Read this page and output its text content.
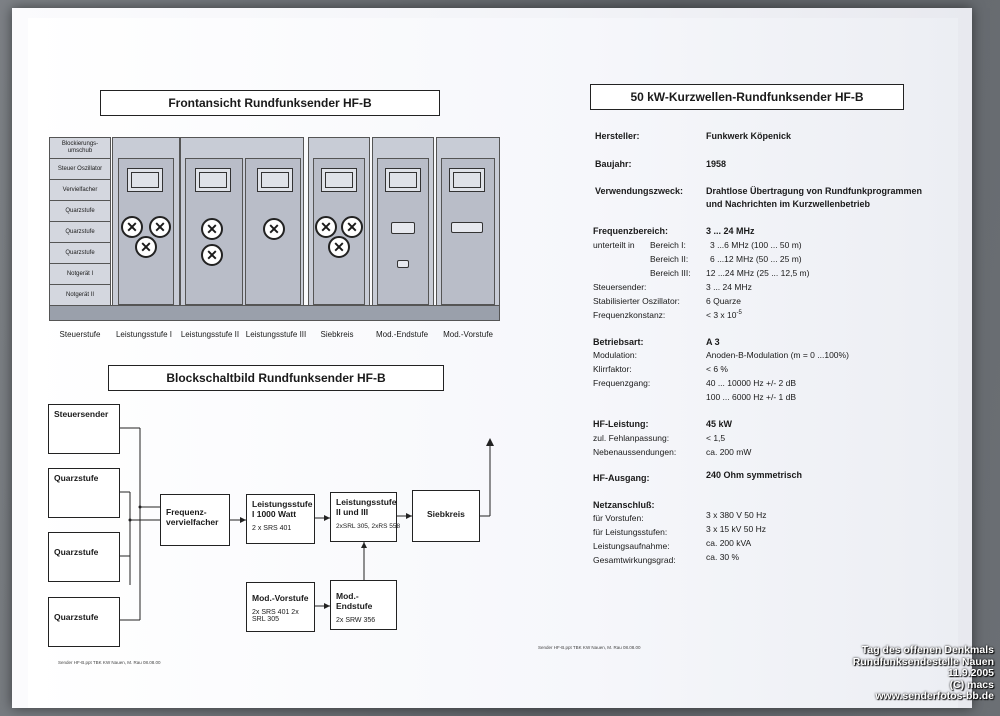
Frontansicht Rundfunksender HF-B
Blockierungs-umschub
Steuer Oszillator
Vervielfacher
Quarzstufe
Quarzstufe
Quarzstufe
Notgerät I
Notgerät II
✕
✕
✕
✕
✕
✕
✕
✕
✕
Steuerstufe	Leistungsstufe I	Leistungsstufe II Leistungsstufe III	Siebkreis	Mod.-Endstufe	Mod.-Vorstufe
Blockschaltbild Rundfunksender HF-B
Steuersender
Quarzstufe
Quarzstufe
Quarzstufe
Frequenz- vervielfacher
Leistungsstufe I 1000 Watt
2 x SRS 401
Leistungsstufe II und III
2xSRL 305, 2xRS 558
Siebkreis
Mod.-Vorstufe
2x SRS 401 2x SRL 305
Mod.-Endstufe
2x SRW 356
Sender HF-B.ppt TBK KW Nauen, M. Rau 08.08.00
50 kW-Kurzwellen-Rundfunksender HF-B
Hersteller:	Funkwerk Köpenick
Baujahr:	1958
Verwendungszweck:	Drahtlose Übertragung von Rundfunkprogrammen
und Nachrichten im Kurzwellenbetrieb
Frequenzbereich:	3 ... 24 MHz
unterteilt in Bereich I:	3 ...6 MHz (100 ... 50 m)
Bereich II:	6 ...12 MHz (50 ... 25 m)
Bereich III: 12 ...24 MHz (25 ... 12,5 m)
Steuersender:	3 ... 24 MHz
Stabilisierter Oszillator:	6 Quarze
Frequenzkonstanz:	< 3 x $10^{-5}$
Betriebsart:	A 3
Modulation:	Anoden-B-Modulation (m = 0 ...100%)
Klirrfaktor:	< 6 %
Frequenzgang:	40 ... 10000 Hz +/- 2 dB
100 ... 6000 Hz +/- 1 dB
HF-Leistung:	45 kW
zul. Fehlanpassung:	< 1,5
Nebenaussendungen:	ca. 200 mW
HF-Ausgang:	240 Ohm symmetrisch
Netzanschluß:
für Vorstufen:	3 x 380 V 50 Hz
für Leistungsstufen:	3 x 15 kV 50 Hz
Leistungsaufnahme:	ca. 200 kVA
Gesamtwirkungsgrad:	ca. 30 %
Sender HF-B.ppt TBK KW Nauen, M. Rau 08.08.00	Tag des offenen Denkmals
Rundfunksendestelle Nauen
11.9.2005
(C) macs
www.senderfotos-bb.de
